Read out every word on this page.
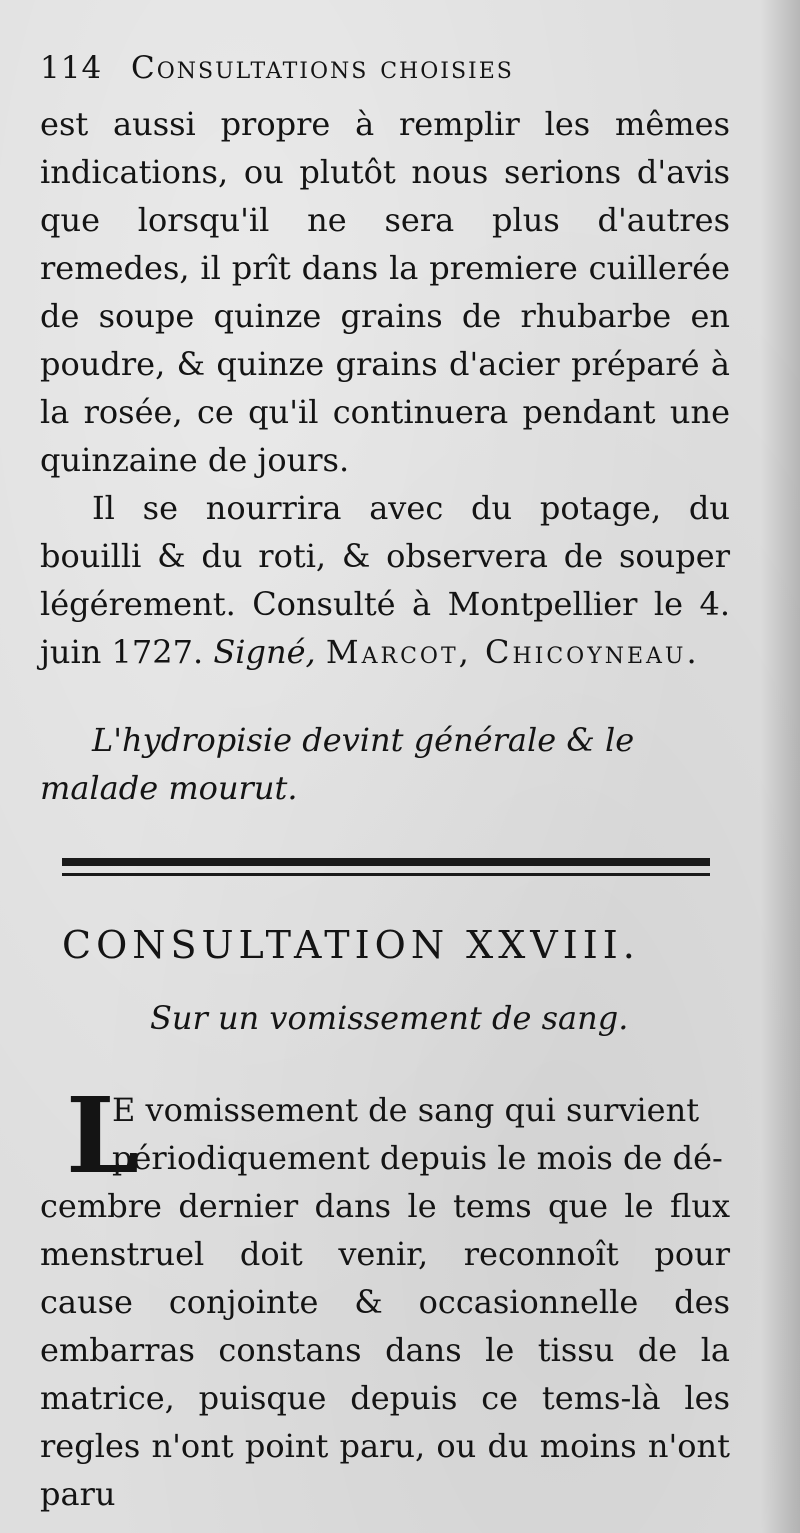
114 Consultations choisies

est aussi propre à remplir les mêmes indications, ou plutôt nous serions d'avis que lorsqu'il ne sera plus d'autres remedes, il prît dans la premiere cuillerée de soupe quinze grains de rhubarbe en poudre, & quinze grains d'acier préparé à la rosée, ce qu'il continuera pendant une quinzaine de jours.

Il se nourrira avec du potage, du bouilli & du roti, & observera de souper légérement. Consulté à Montpellier le 4. juin 1727. Signé, Marcot, Chicoyneau.

L'hydropisie devint générale & le malade mourut.
CONSULTATION XXVIII.
Sur un vomissement de sang.
L
E vomissement de sang qui survient
périodiquement depuis le mois de dé-

cembre dernier dans le tems que le flux menstruel doit venir, reconnoît pour cause conjointe & occasionnelle des embarras constans dans le tissu de la matrice, puisque depuis ce tems-là les regles n'ont point paru, ou du moins n'ont paru
